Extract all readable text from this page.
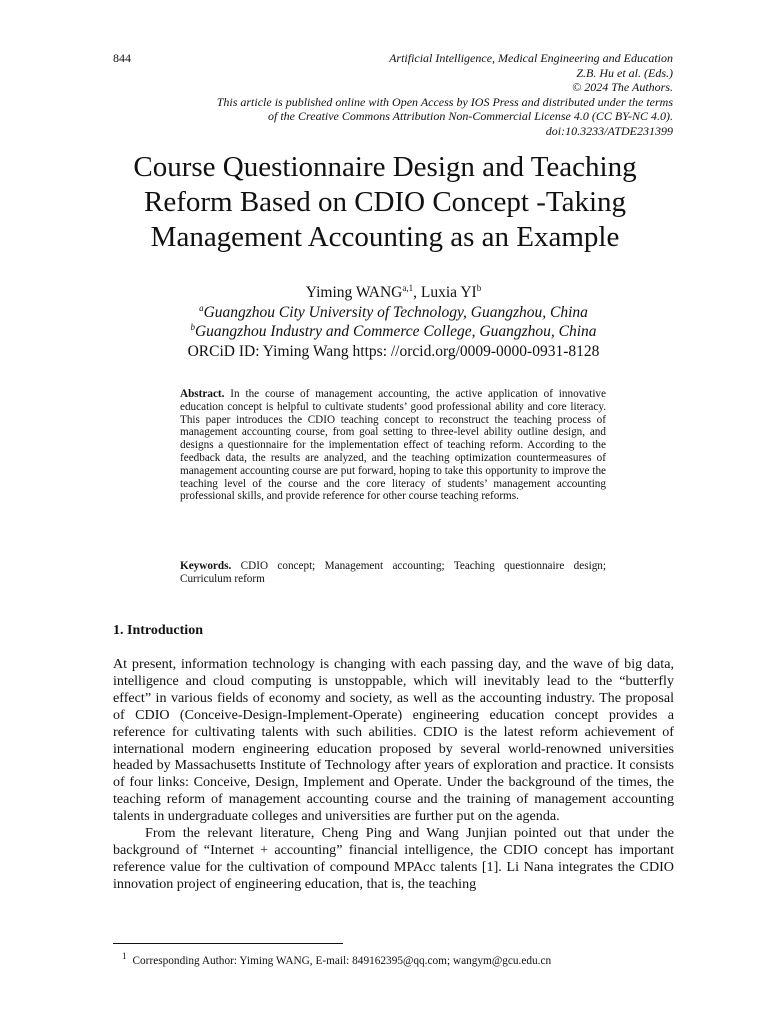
844	Artificial Intelligence, Medical Engineering and Education
Z.B. Hu et al. (Eds.)
© 2024 The Authors.
This article is published online with Open Access by IOS Press and distributed under the terms
of the Creative Commons Attribution Non-Commercial License 4.0 (CC BY-NC 4.0).
doi:10.3233/ATDE231399
Course Questionnaire Design and Teaching
Reform Based on CDIO Concept -Taking
Management Accounting as an Example
Yiming WANG$^{a,1}$, Luxia $YI^b$
$^a$Guangzhou City University of Technology, Guangzhou, China
$^b$Guangzhou Industry and Commerce College, Guangzhou, China
ORCiD ID: Yiming Wang https: //orcid.org/0009-0000-0931-8128

Abstract. In the course of management accounting, the active application of innovative education concept is helpful to cultivate students’ good professional ability and core literacy. This paper introduces the CDIO teaching concept to reconstruct the teaching process of management accounting course, from goal setting to three-level ability outline design, and designs a questionnaire for the implementation effect of teaching reform. According to the feedback data, the results are analyzed, and the teaching optimization countermeasures of management accounting course are put forward, hoping to take this opportunity to improve the teaching level of the course and the core literacy of students’ management accounting professional skills, and provide reference for other course teaching reforms.

Keywords. CDIO concept; Management accounting; Teaching questionnaire design; Curriculum reform

1. Introduction
At present, information technology is changing with each passing day, and the wave of big data, intelligence and cloud computing is unstoppable, which will inevitably lead to the “butterfly effect” in various fields of economy and society, as well as the accounting industry. The proposal of CDIO (Conceive-Design-Implement-Operate) engineering education concept provides a reference for cultivating talents with such abilities. CDIO is the latest reform achievement of international modern engineering education proposed by several world-renowned universities headed by Massachusetts Institute of Technology after years of exploration and practice. It consists of four links: Conceive, Design, Implement and Operate. Under the background of the times, the teaching reform of management accounting course and the training of management accounting talents in undergraduate colleges and universities are further put on the agenda.
From the relevant literature, Cheng Ping and Wang Junjian pointed out that under the background of “Internet + accounting” financial intelligence, the CDIO concept has important reference value for the cultivation of compound MPAcc talents [1]. Li Nana integrates the CDIO innovation project of engineering education, that is, the teaching
$^1$ Corresponding Author: Yiming WANG, E-mail: 849162395@qq.com; wangym@gcu.edu.cn
